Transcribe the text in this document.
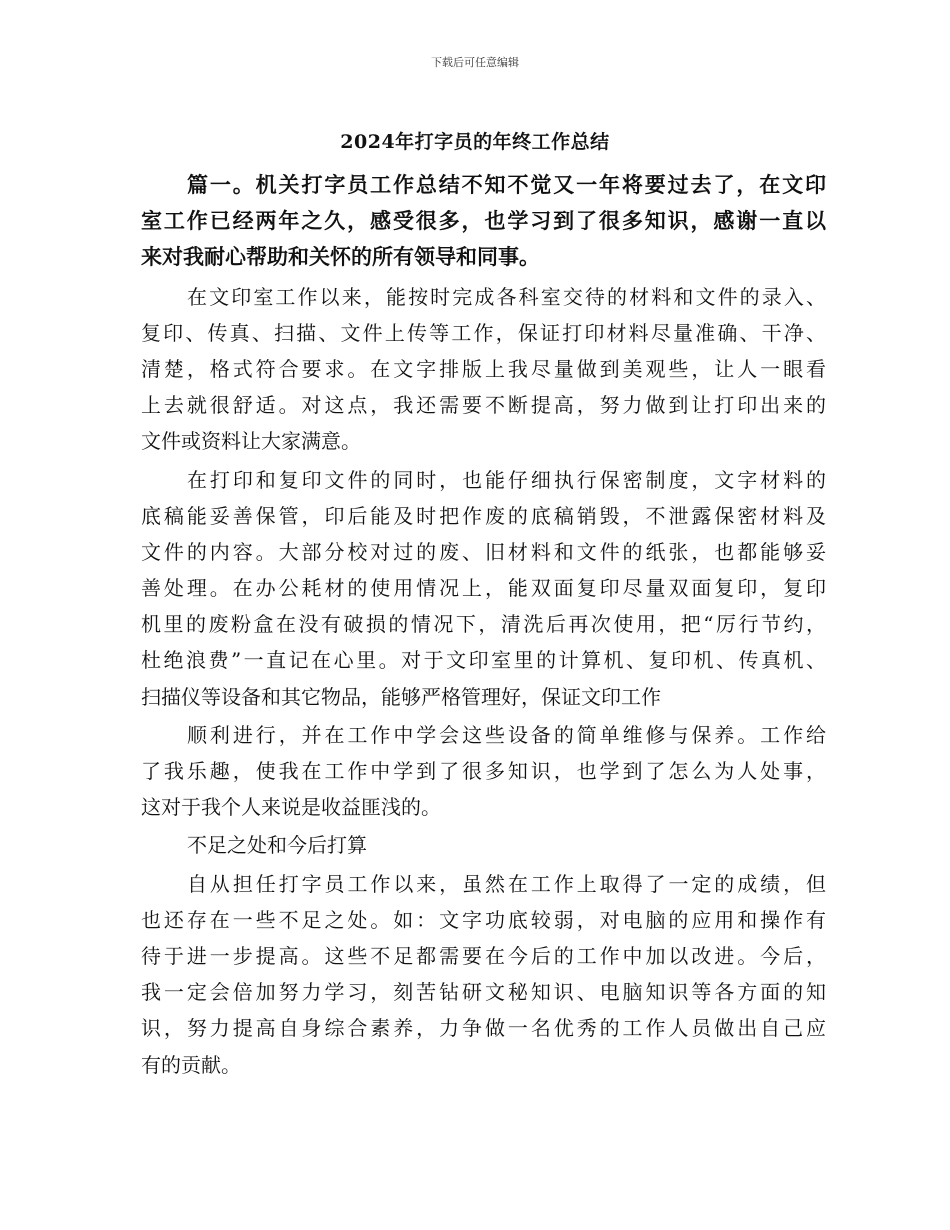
下载后可任意编辑
2024年打字员的年终工作总结
篇一。机关打字员工作总结不知不觉又一年将要过去了，在文印
室工作已经两年之久，感受很多，也学习到了很多知识，感谢一直以
来对我耐心帮助和关怀的所有领导和同事。
在文印室工作以来，能按时完成各科室交待的材料和文件的录入、
复印、传真、扫描、文件上传等工作，保证打印材料尽量准确、干净、
清楚，格式符合要求。在文字排版上我尽量做到美观些，让人一眼看
上去就很舒适。对这点，我还需要不断提高，努力做到让打印出来的
文件或资料让大家满意。
在打印和复印文件的同时，也能仔细执行保密制度，文字材料的
底稿能妥善保管，印后能及时把作废的底稿销毁，不泄露保密材料及
文件的内容。大部分校对过的废、旧材料和文件的纸张，也都能够妥
善处理。在办公耗材的使用情况上，能双面复印尽量双面复印，复印
机里的废粉盒在没有破损的情况下，清洗后再次使用，把“厉行节约，
杜绝浪费”一直记在心里。对于文印室里的计算机、复印机、传真机、
扫描仪等设备和其它物品，能够严格管理好，保证文印工作
顺利进行，并在工作中学会这些设备的简单维修与保养。工作给
了我乐趣，使我在工作中学到了很多知识，也学到了怎么为人处事，
这对于我个人来说是收益匪浅的。
不足之处和今后打算
自从担任打字员工作以来，虽然在工作上取得了一定的成绩，但
也还存在一些不足之处。如：文字功底较弱，对电脑的应用和操作有
待于进一步提高。这些不足都需要在今后的工作中加以改进。今后，
我一定会倍加努力学习，刻苦钻研文秘知识、电脑知识等各方面的知
识，努力提高自身综合素养，力争做一名优秀的工作人员做出自己应
有的贡献。
